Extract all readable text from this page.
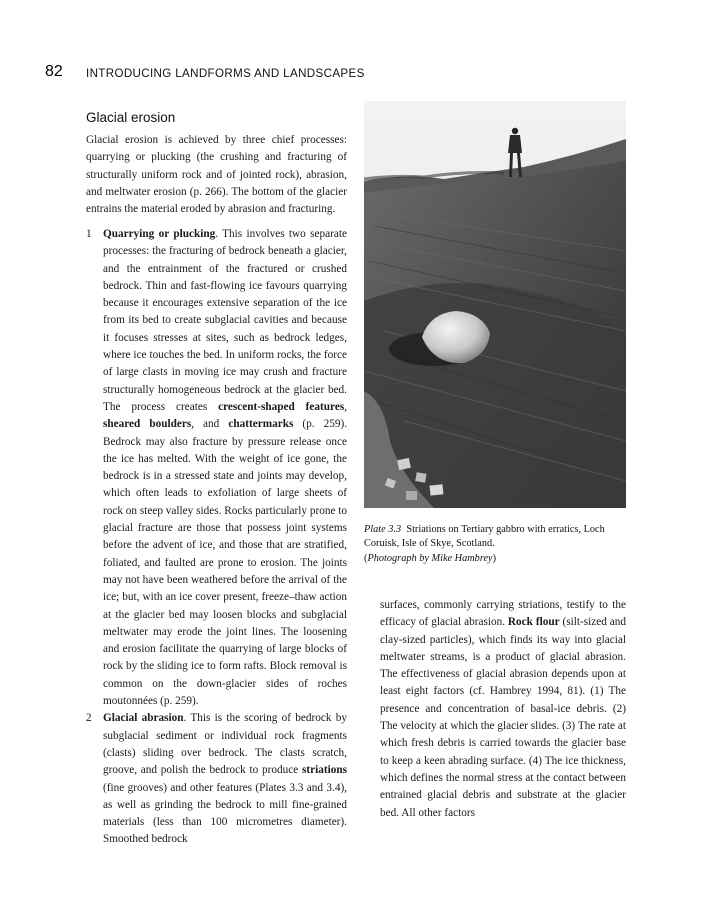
82 INTRODUCING LANDFORMS AND LANDSCAPES
Glacial erosion

Glacial erosion is achieved by three chief processes: quarrying or plucking (the crushing and fracturing of structurally uniform rock and of jointed rock), abrasion, and meltwater erosion (p. 266). The bottom of the glacier entrains the material eroded by abrasion and fracturing.

1 Quarrying or plucking. This involves two separate processes: the fracturing of bedrock beneath a glacier, and the entrainment of the fractured or crushed bedrock. Thin and fast-flowing ice favours quarrying because it encourages extensive separation of the ice from its bed to create subglacial cavities and because it focuses stresses at sites, such as bedrock ledges, where ice touches the bed. In uniform rocks, the force of large clasts in moving ice may crush and fracture structurally homogeneous bedrock at the glacier bed. The process creates crescent-shaped features, sheared boulders, and chattermarks (p. 259). Bedrock may also fracture by pressure release once the ice has melted. With the weight of ice gone, the bedrock is in a stressed state and joints may develop, which often leads to exfoliation of large sheets of rock on steep valley sides. Rocks particularly prone to glacial fracture are those that possess joint systems before the advent of ice, and those that are stratified, foliated, and faulted are prone to erosion. The joints may not have been weathered before the arrival of the ice; but, with an ice cover present, freeze–thaw action at the glacier bed may loosen blocks and subglacial meltwater may erode the joint lines. The loosening and erosion facilitate the quarrying of large blocks of rock by the sliding ice to form rafts. Block removal is common on the down-glacier sides of roches moutonnées (p. 259).
2 Glacial abrasion. This is the scoring of bedrock by subglacial sediment or individual rock fragments (clasts) sliding over bedrock. The clasts scratch, groove, and polish the bedrock to produce striations (fine grooves) and other features (Plates 3.3 and 3.4), as well as grinding the bedrock to mill fine-grained materials (less than 100 micrometres diameter). Smoothed bedrock
Plate 3.3 Striations on Tertiary gabbro with erratics, Loch Coruisk, Isle of Skye, Scotland.
(Photograph by Mike Hambrey)
surfaces, commonly carrying striations, testify to the efficacy of glacial abrasion. Rock flour (silt-sized and clay-sized particles), which finds its way into glacial meltwater streams, is a product of glacial abrasion. The effectiveness of glacial abrasion depends upon at least eight factors (cf. Hambrey 1994, 81). (1) The presence and concentration of basal-ice debris. (2) The velocity at which the glacier slides. (3) The rate at which fresh debris is carried towards the glacier base to keep a keen abrading surface. (4) The ice thickness, which defines the normal stress at the contact between entrained glacial debris and substrate at the glacier bed. All other factors
